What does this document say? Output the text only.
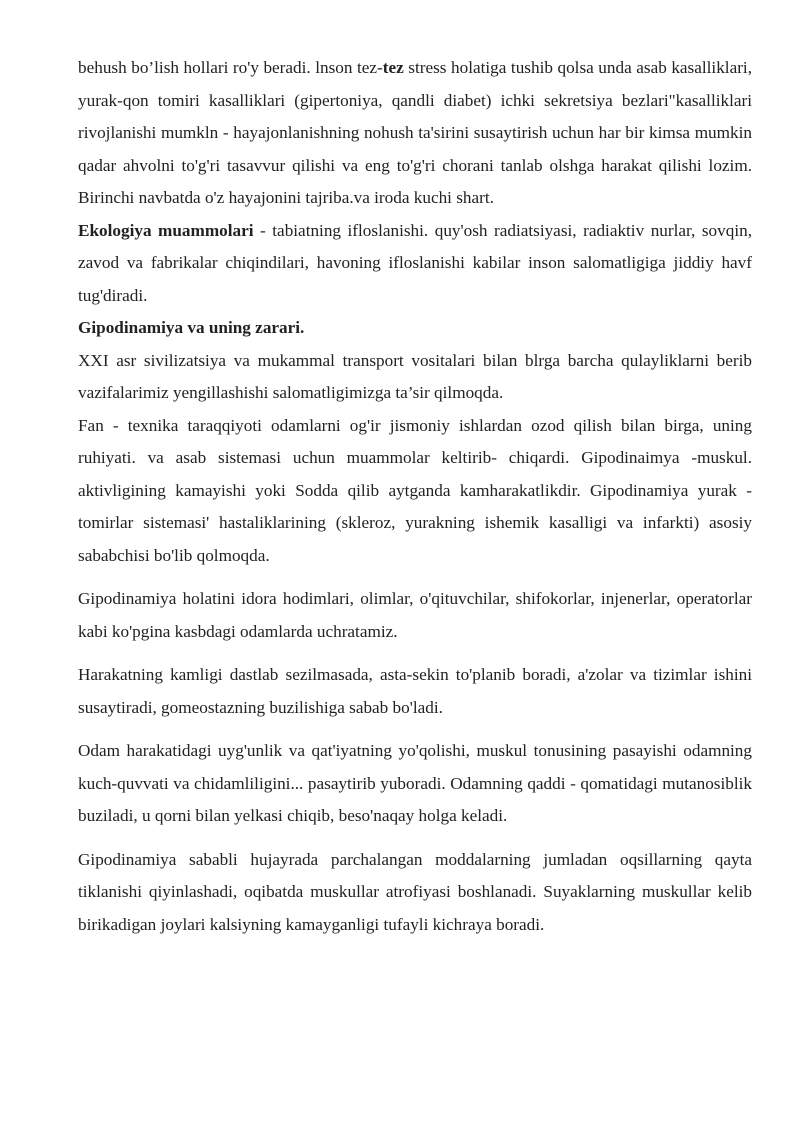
behush bo’lish hollari ro'y beradi. lnson tez-tez stress holatiga tushib qolsa unda asab kasalliklari, yurak-qon tomiri kasalliklari (gipertoniya, qandli diabet) ichki sekretsiya bezlari"kasalliklari rivojlanishi mumkln - hayajonlanishning nohush ta'sirini susaytirish uchun har bir kimsa mumkin qadar ahvolni to'g'ri tasavvur qilishi va eng to'g'ri chorani tanlab olshga harakat qilishi lozim. Birinchi navbatda o'z hayajonini tajriba.va iroda kuchi shart.

Ekologiya muammolari - tabiatning ifloslanishi. quy'osh radiatsiyasi, radiaktiv nurlar, sovqin, zavod va fabrikalar chiqindilari, havoning ifloslanishi kabilar inson salomatligiga jiddiy havf tug'diradi.

Gipodinamiya va uning zarari.

XXI asr sivilizatsiya va mukammal transport vositalari bilan blrga barcha qulayliklarni berib vazifalarimiz yengillashishi salomatligimizga ta’sir qilmoqda.

Fan - texnika taraqqiyoti odamlarni og'ir jismoniy ishlardan ozod qilish bilan birga, uning ruhiyati. va asab sistemasi uchun muammolar keltirib- chiqardi. Gipodinaimya -muskul. aktivligining kamayishi yoki Sodda qilib aytganda kamharakatlikdir. Gipodinamiya yurak - tomirlar sistemasi' hastaliklarining (skleroz, yurakning ishemik kasalligi va infarkti) asosiy sababchisi bo'lib qolmoqda.

Gipodinamiya holatini idora hodimlari, olimlar, o'qituvchilar, shifokorlar, injenerlar, operatorlar kabi ko'pgina kasbdagi odamlarda uchratamiz.

Harakatning kamligi dastlab sezilmasada, asta-sekin to'planib boradi, a'zolar va tizimlar ishini susaytiradi, gomeostazning buzilishiga sabab bo'ladi.

Odam harakatidagi uyg'unlik va qat'iyatning yo'qolishi, muskul tonusining pasayishi odamning kuch-quvvati va chidamliligini... pasaytirib yuboradi. Odamning qaddi - qomatidagi mutanosiblik buziladi, u qorni bilan yelkasi chiqib, beso'naqay holga keladi.

Gipodinamiya sababli hujayrada parchalangan moddalarning jumladan oqsillarning qayta tiklanishi qiyinlashadi, oqibatda muskullar atrofiyasi boshlanadi. Suyaklarning muskullar kelib birikadigan joylari kalsiyning kamayganligi tufayli kichraya boradi.
